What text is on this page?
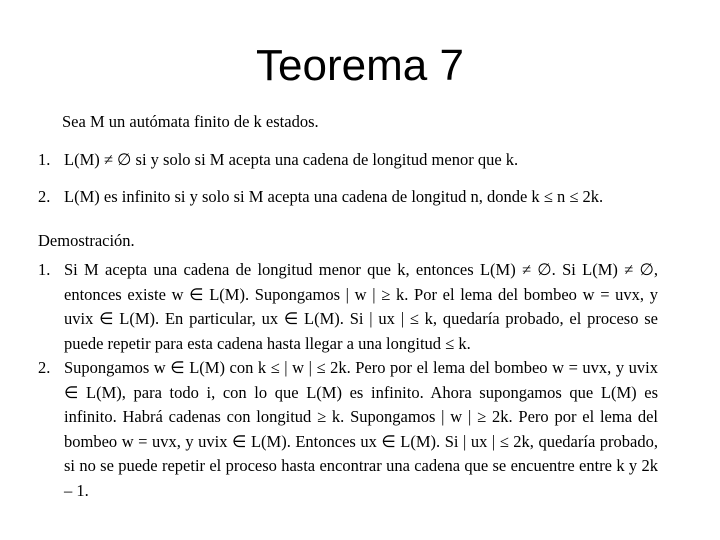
Teorema 7
Sea M un autómata finito de k estados.
1. L(M) ≠ ∅ si y solo si M acepta una cadena de longitud menor que k.
2. L(M) es infinito si y solo si M acepta una cadena de longitud n, donde k ≤ n ≤ 2k.
Demostración.
1. Si M acepta una cadena de longitud menor que k, entonces L(M) ≠ ∅. Si L(M) ≠ ∅, entonces existe w ∈ L(M). Supongamos | w | ≥ k. Por el lema del bombeo w = uvx, y uvix ∈ L(M). En particular, ux ∈ L(M). Si | ux | ≤ k, quedaría probado, el proceso se puede repetir para esta cadena hasta llegar a una longitud ≤ k.
2. Supongamos w ∈ L(M) con k ≤ | w | ≤ 2k. Pero por el lema del bombeo w = uvx, y uvix ∈ L(M), para todo i, con lo que L(M) es infinito. Ahora supongamos que L(M) es infinito. Habrá cadenas con longitud ≥ k. Supongamos | w | ≥ 2k. Pero por el lema del bombeo w = uvx, y uvix ∈ L(M). Entonces ux ∈ L(M). Si | ux | ≤ 2k, quedaría probado, si no se puede repetir el proceso hasta encontrar una cadena que se encuentre entre k y 2k – 1.
